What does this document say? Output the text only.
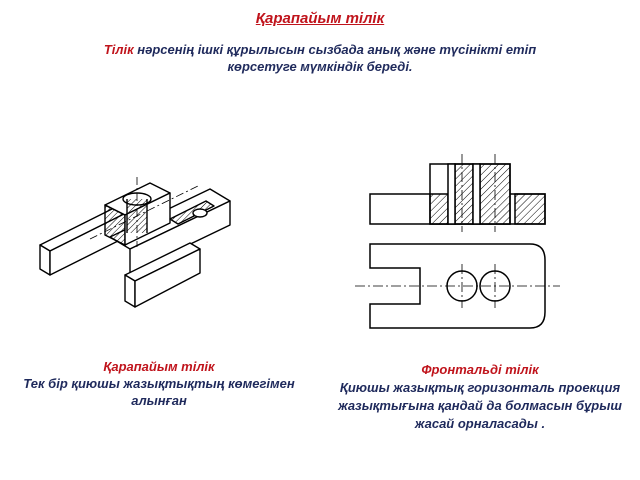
Қарапайым тілік
Тілік нәрсенің ішкі құрылысын сызбада анық және түсінікті етіп көрсетуге мүмкіндік береді.
Қарапайым тілік
Тек бір қиюшы жазықтықтың көмегімен алынған
Фронтальді тілік
Қиюшы жазықтық горизонталь проекция жазықтығына қандай да болмасын бұрыш жасай орналасады .
